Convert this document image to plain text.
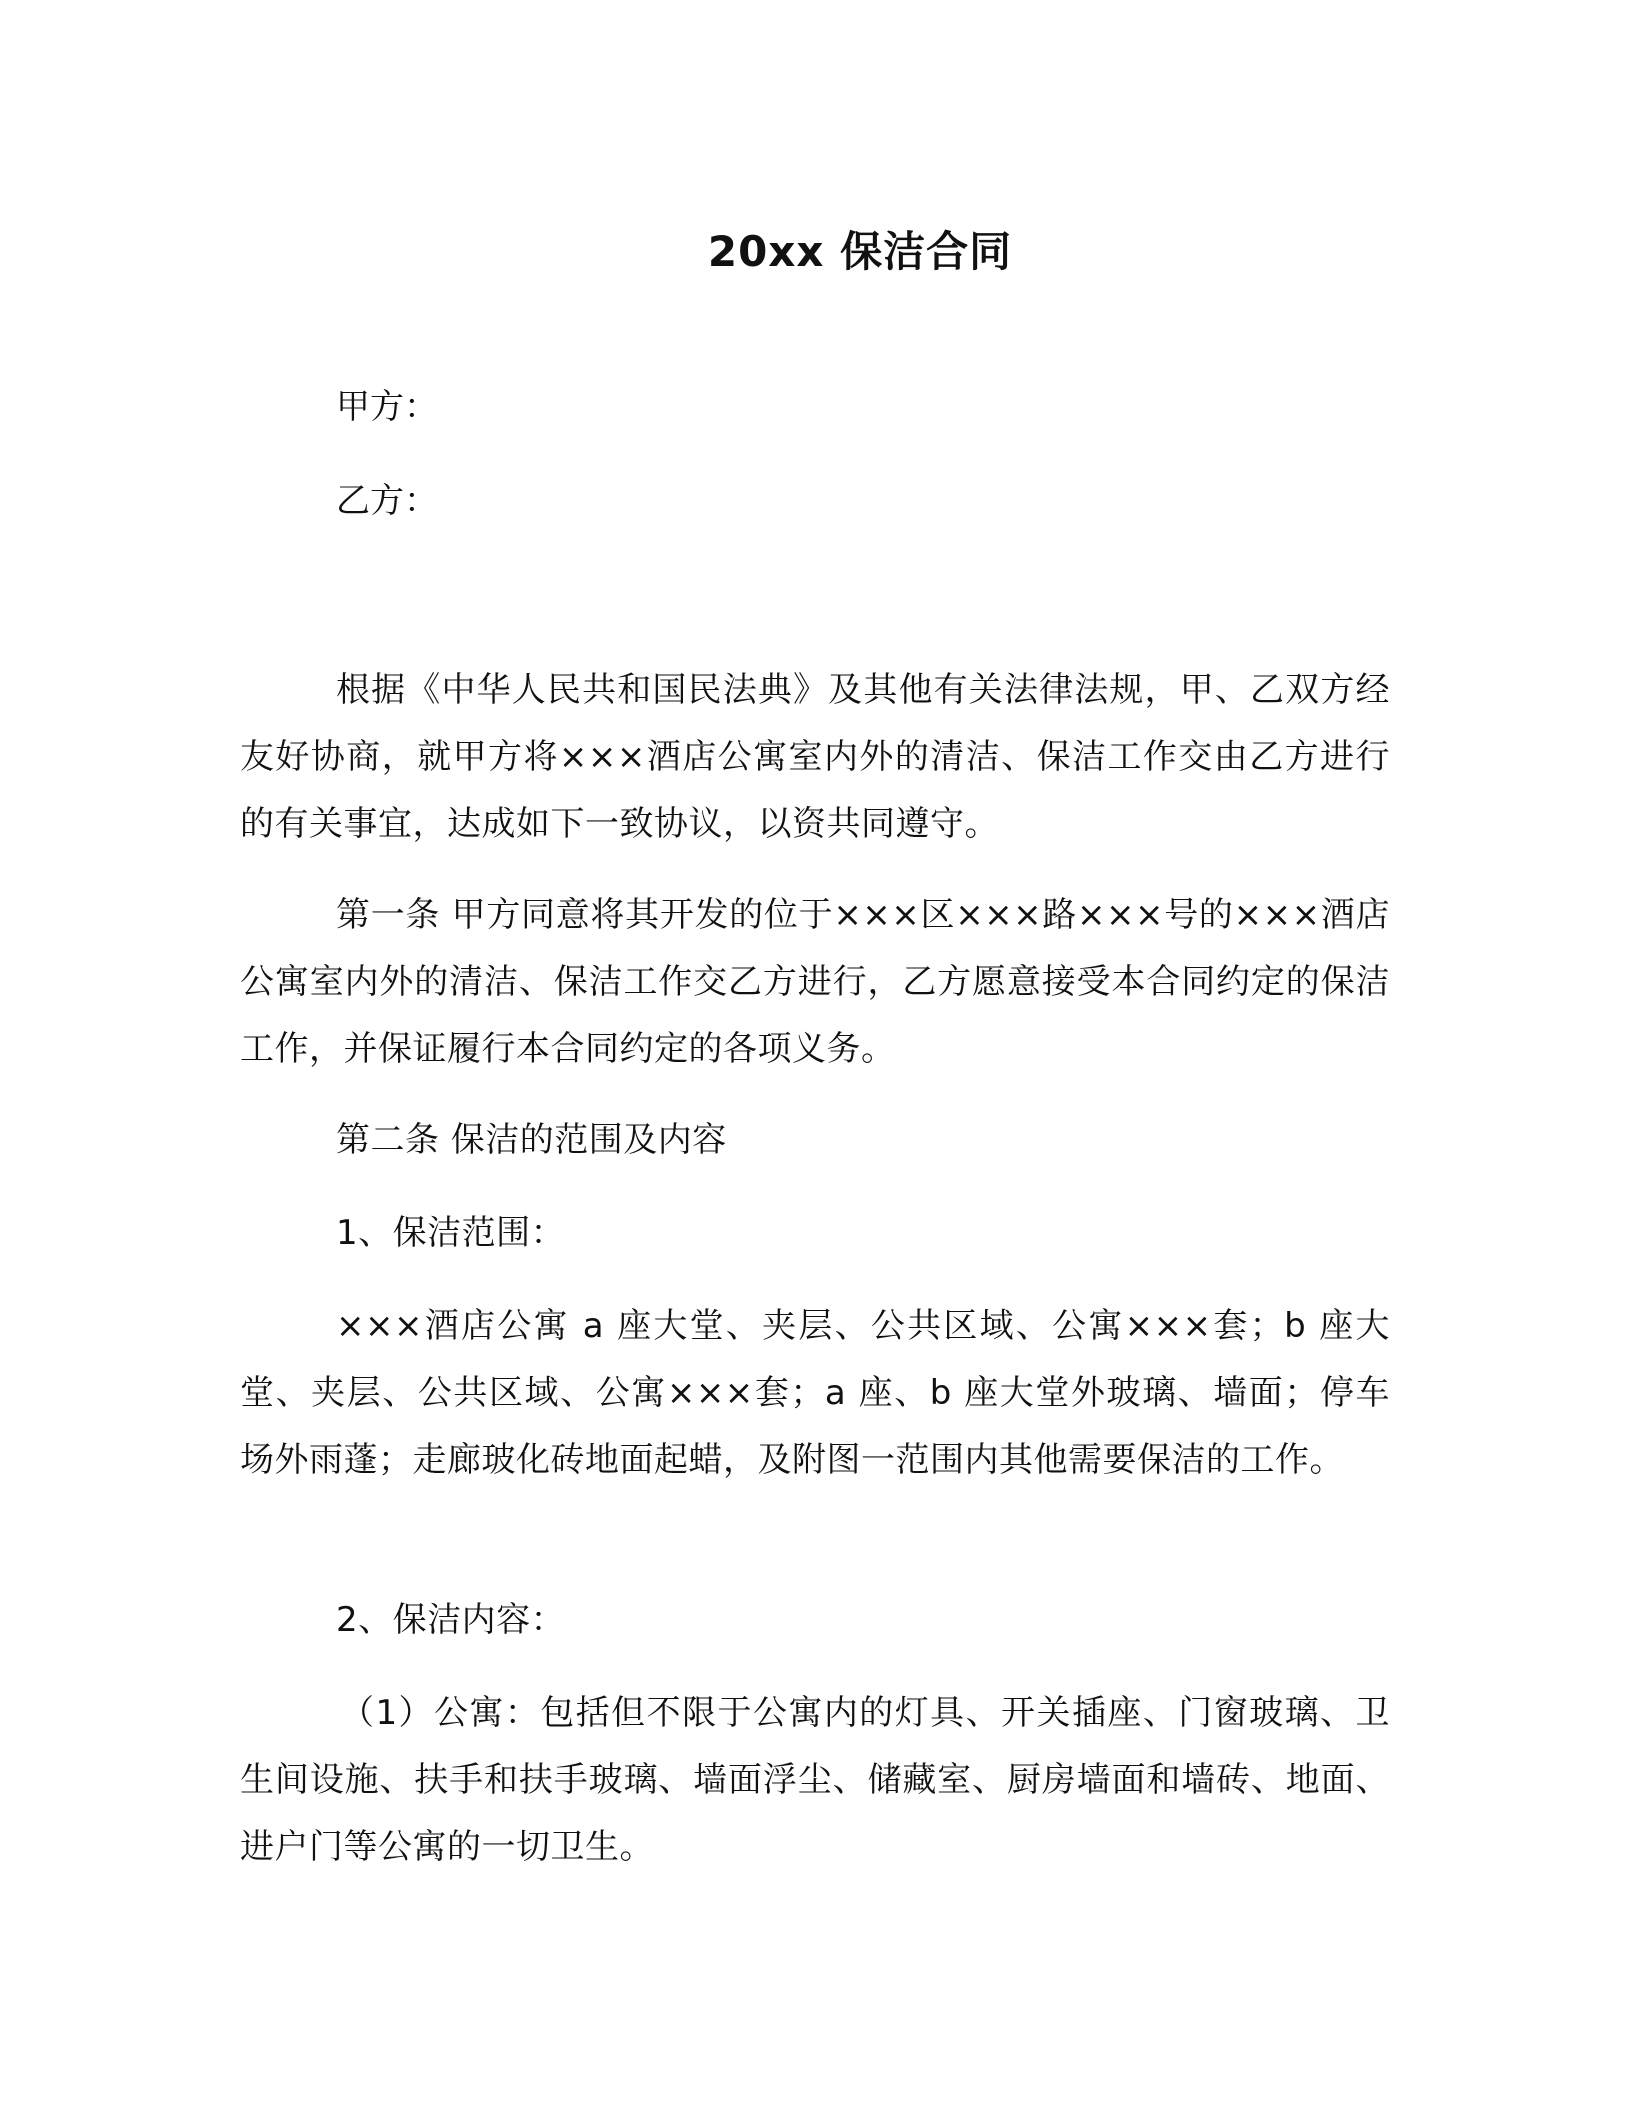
20xx 保洁合同
甲方：
乙方：

根据《中华人民共和国民法典》及其他有关法律法规，甲、乙双方经友好协商，就甲方将×××酒店公寓室内外的清洁、保洁工作交由乙方进行的有关事宜，达成如下一致协议，以资共同遵守。

第一条 甲方同意将其开发的位于×××区×××路×××号的×××酒店公寓室内外的清洁、保洁工作交乙方进行，乙方愿意接受本合同约定的保洁工作，并保证履行本合同约定的各项义务。

第二条 保洁的范围及内容

1、保洁范围：

×××酒店公寓 a 座大堂、夹层、公共区域、公寓×××套；b 座大堂、夹层、公共区域、公寓×××套；a 座、b 座大堂外玻璃、墙面；停车场外雨蓬；走廊玻化砖地面起蜡，及附图一范围内其他需要保洁的工作。

2、保洁内容：

（1）公寓：包括但不限于公寓内的灯具、开关插座、门窗玻璃、卫生间设施、扶手和扶手玻璃、墙面浮尘、储藏室、厨房墙面和墙砖、地面、进户门等公寓的一切卫生。
